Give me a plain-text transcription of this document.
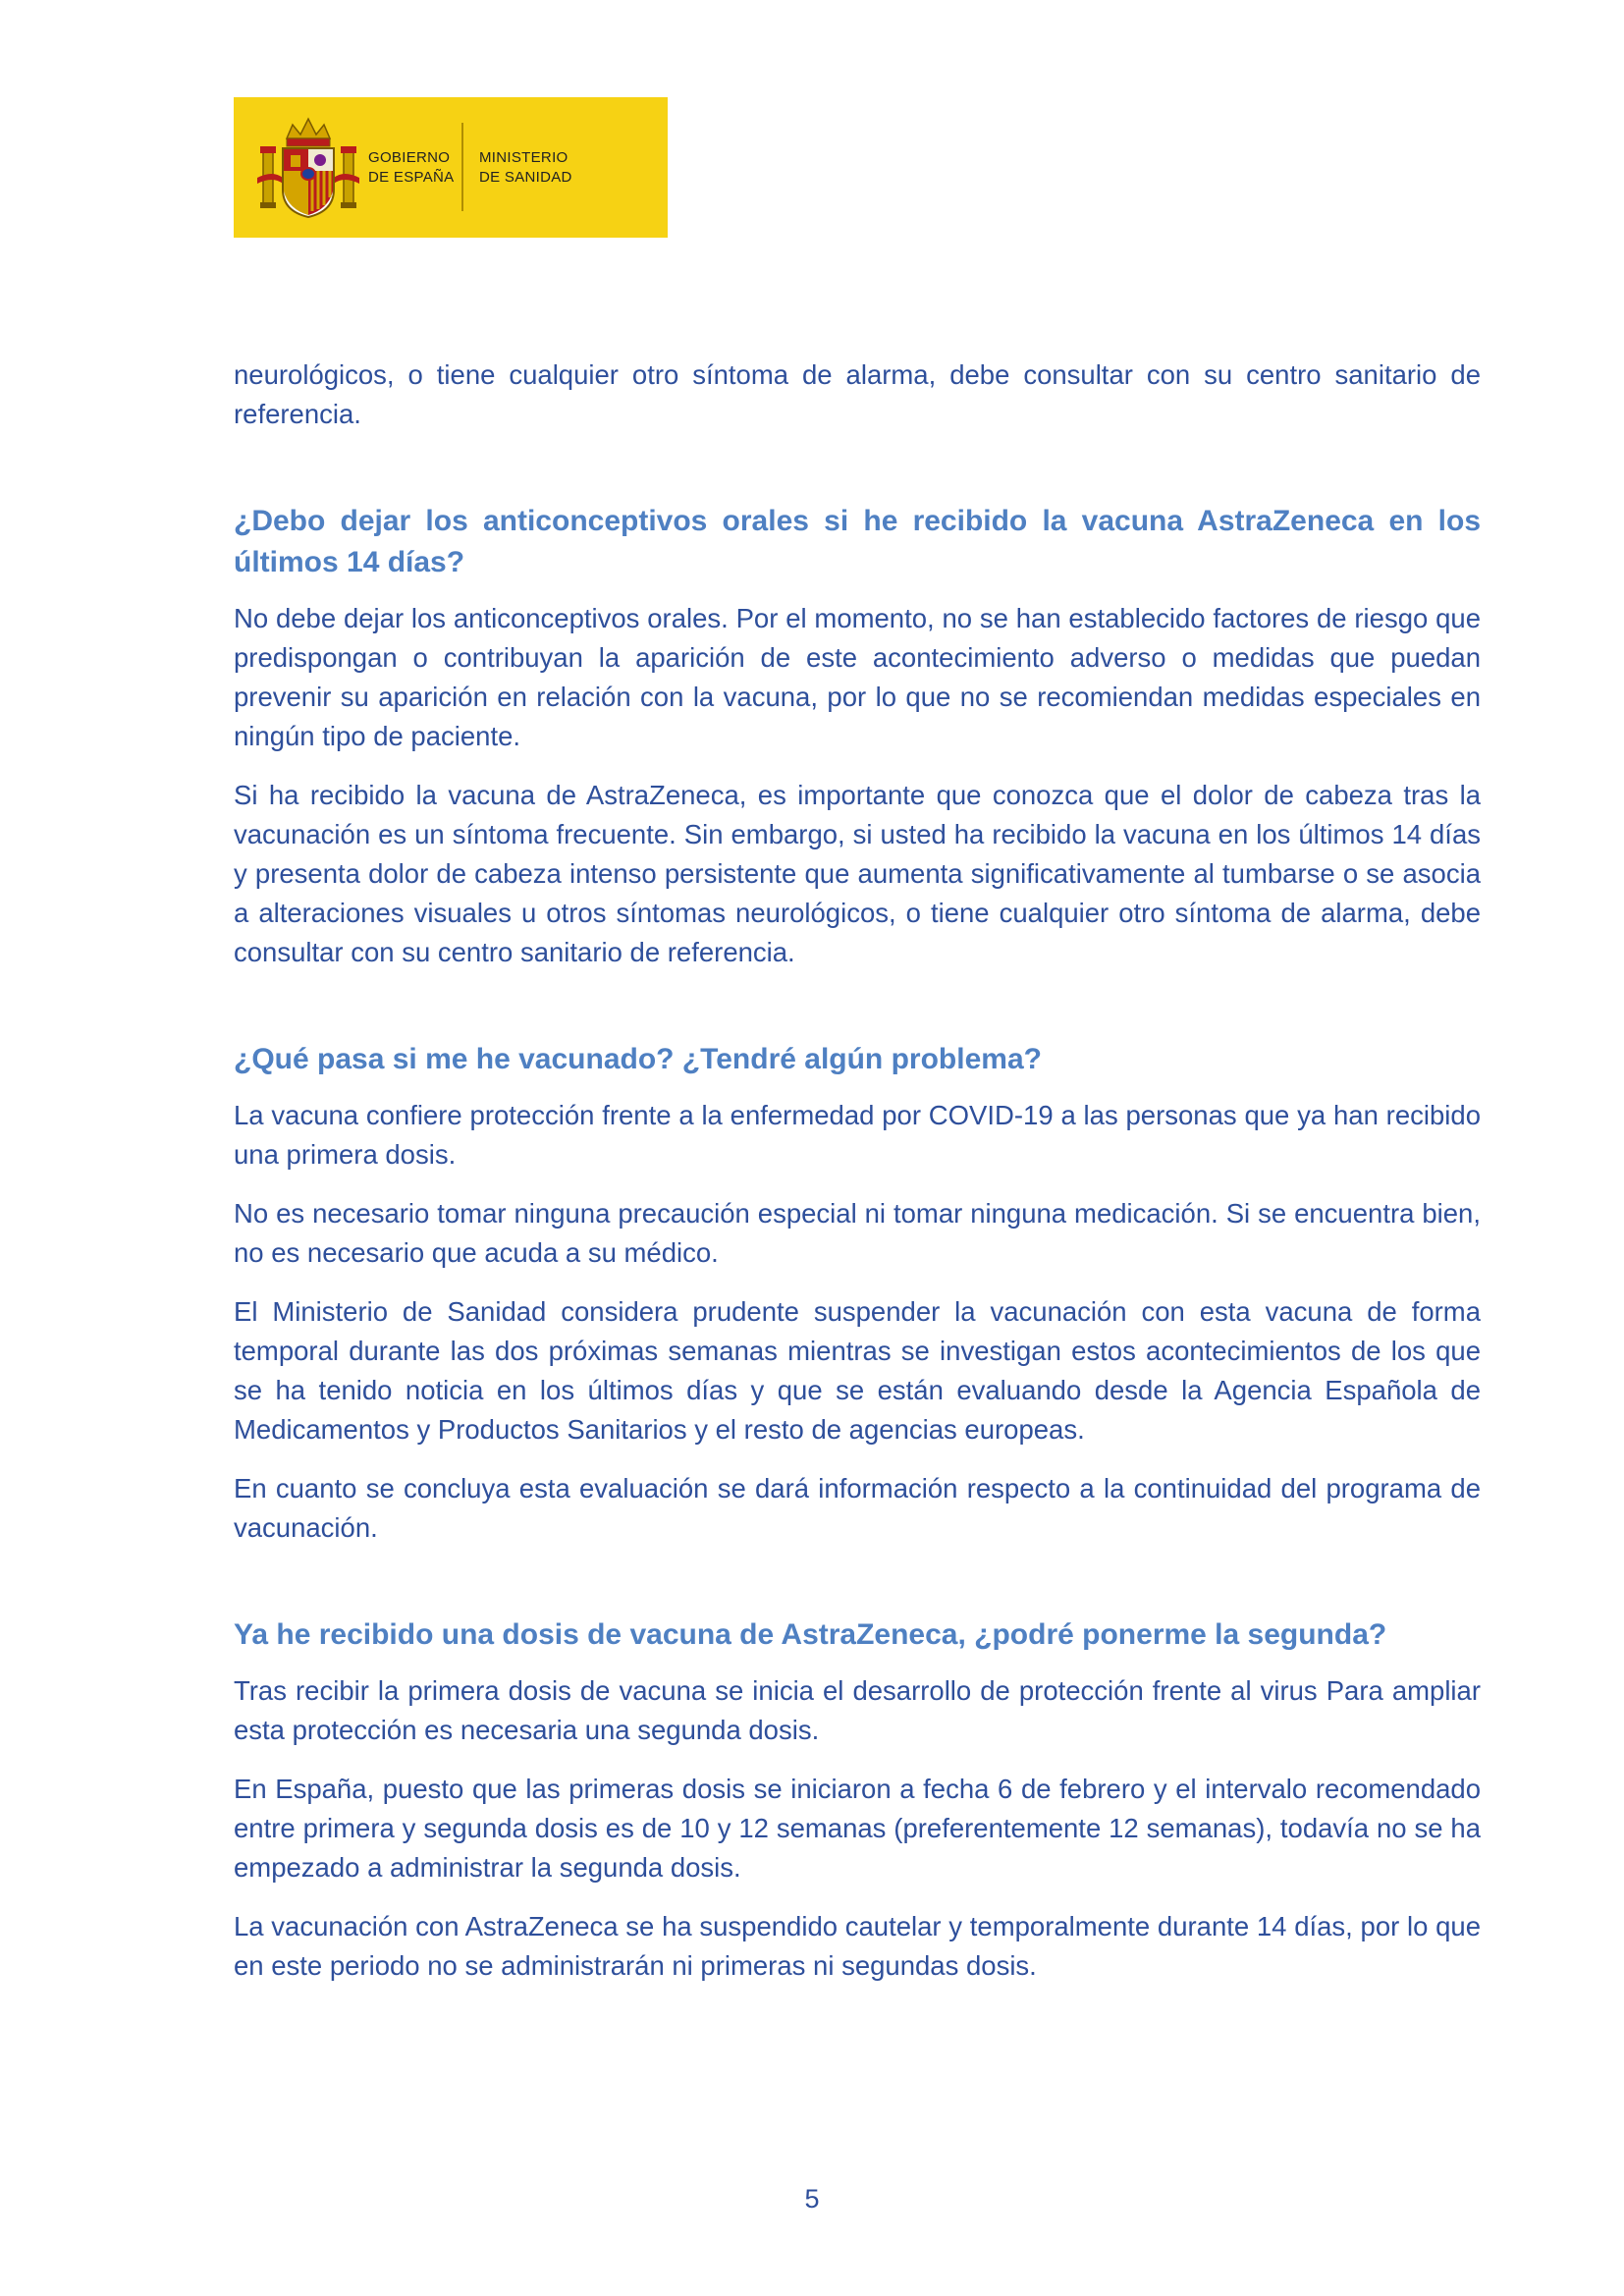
GOBIERNO
DE ESPAÑA
MINISTERIO
DE SANIDAD

neurológicos, o tiene cualquier otro síntoma de alarma, debe consultar con su centro sanitario de referencia.

¿Debo dejar los anticonceptivos orales si he recibido la vacuna AstraZeneca en los últimos 14 días?

No debe dejar los anticonceptivos orales. Por el momento, no se han establecido factores de riesgo que predispongan o contribuyan la aparición de este acontecimiento adverso o medidas que puedan prevenir su aparición en relación con la vacuna, por lo que no se recomiendan medidas especiales en ningún tipo de paciente.

Si ha recibido la vacuna de AstraZeneca, es importante que conozca que el dolor de cabeza tras la vacunación es un síntoma frecuente. Sin embargo, si usted ha recibido la vacuna en los últimos 14 días y presenta dolor de cabeza intenso persistente que aumenta significativamente al tumbarse o se asocia a alteraciones visuales u otros síntomas neurológicos, o tiene cualquier otro síntoma de alarma, debe consultar con su centro sanitario de referencia.

¿Qué pasa si me he vacunado? ¿Tendré algún problema?

La vacuna confiere protección frente a la enfermedad por COVID-19 a las personas que ya han recibido una primera dosis.

No es necesario tomar ninguna precaución especial ni tomar ninguna medicación. Si se encuentra bien, no es necesario que acuda a su médico.

El Ministerio de Sanidad considera prudente suspender la vacunación con esta vacuna de forma temporal durante las dos próximas semanas mientras se investigan estos acontecimientos de los que se ha tenido noticia en los últimos días y que se están evaluando desde la Agencia Española de Medicamentos y Productos Sanitarios y el resto de agencias europeas.

En cuanto se concluya esta evaluación se dará información respecto a la continuidad del programa de vacunación.

Ya he recibido una dosis de vacuna de AstraZeneca, ¿podré ponerme la segunda?

Tras recibir la primera dosis de vacuna se inicia el desarrollo de protección frente al virus Para ampliar esta protección es necesaria una segunda dosis.

En España, puesto que las primeras dosis se iniciaron a fecha 6 de febrero y el intervalo recomendado entre primera y segunda dosis es de 10 y 12 semanas (preferentemente 12 semanas), todavía no se ha empezado a administrar la segunda dosis.

La vacunación con AstraZeneca se ha suspendido cautelar y temporalmente durante 14 días, por lo que en este periodo no se administrarán ni primeras ni segundas dosis.

5
